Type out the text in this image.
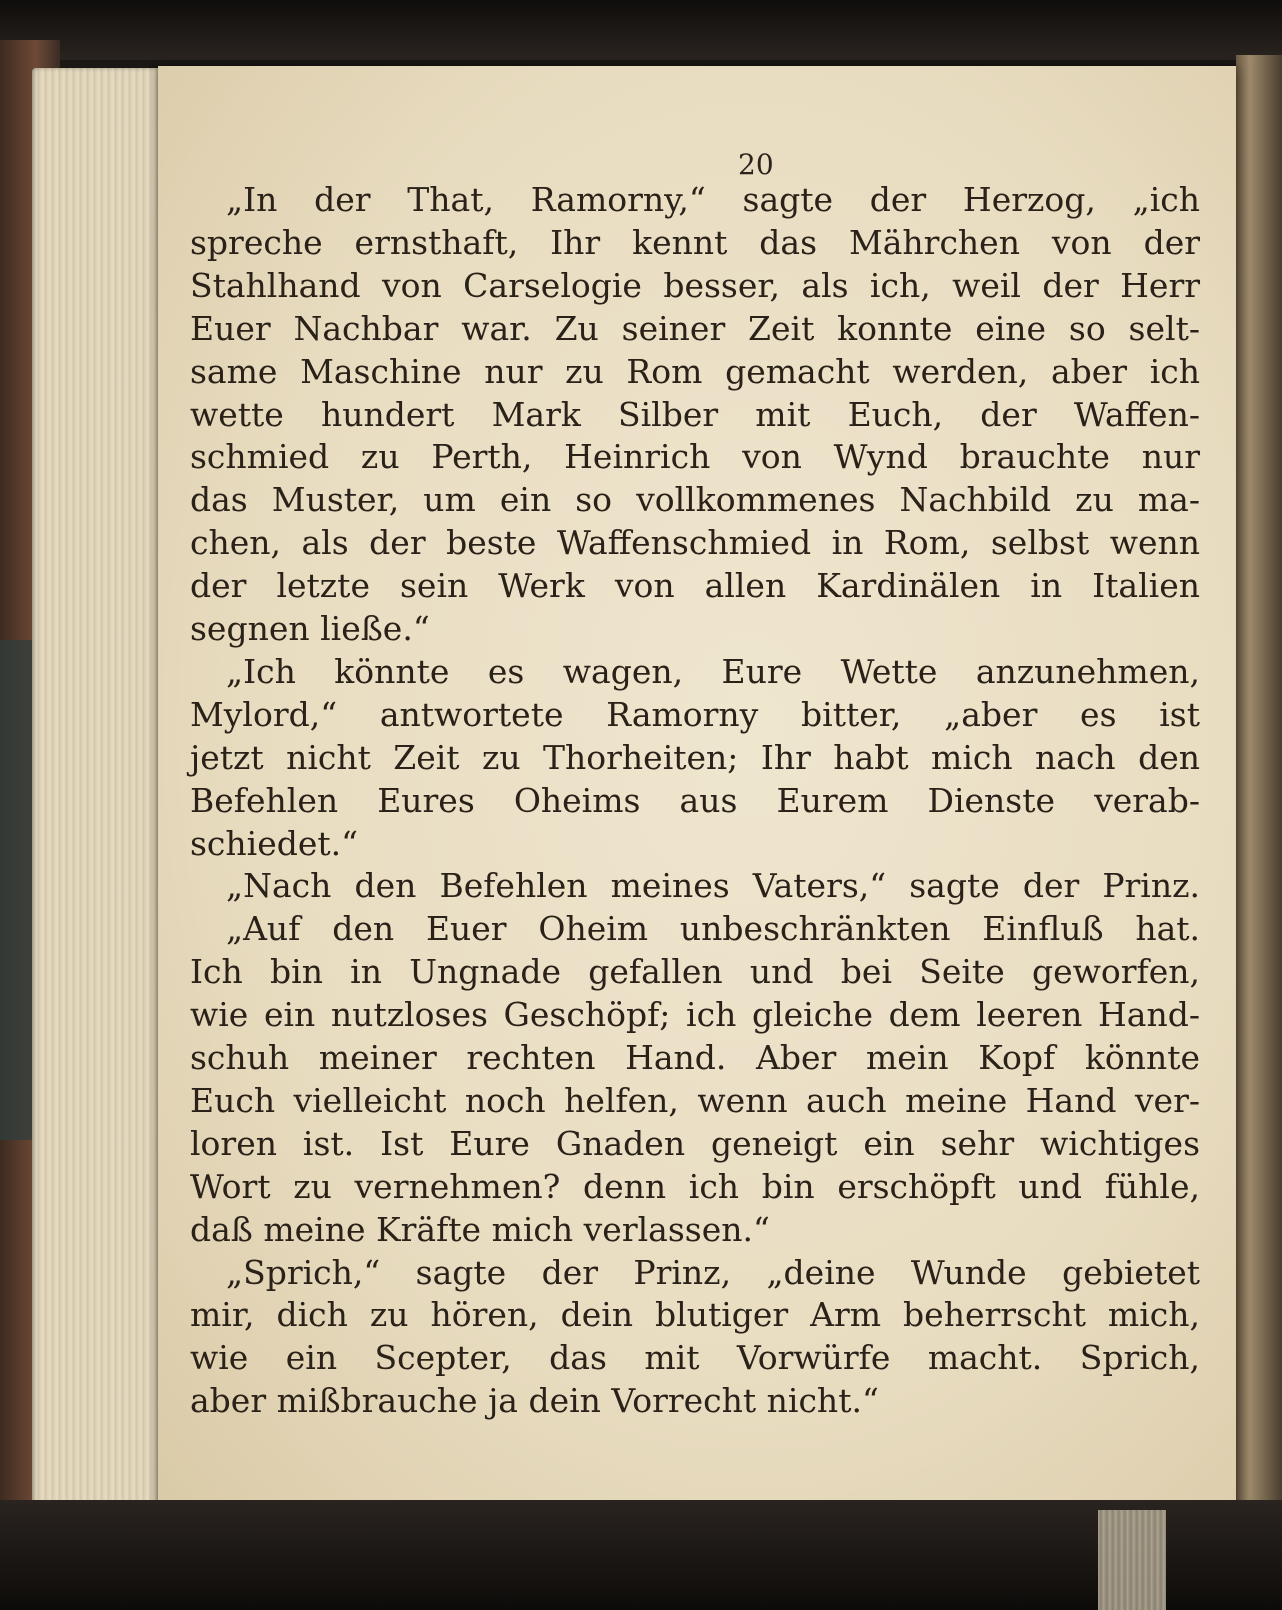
20
„In der That, Ramorny,“ sagte der Herzog, „ich
spreche ernsthaft, Ihr kennt das Mährchen von der
Stahlhand von Carselogie besser, als ich, weil der Herr
Euer Nachbar war. Zu seiner Zeit konnte eine so selt-
same Maschine nur zu Rom gemacht werden, aber ich
wette hundert Mark Silber mit Euch, der Waffen-
schmied zu Perth, Heinrich von Wynd brauchte nur
das Muster, um ein so vollkommenes Nachbild zu ma-
chen, als der beste Waffenschmied in Rom, selbst wenn
der letzte sein Werk von allen Kardinälen in Italien
segnen ließe.“
„Ich könnte es wagen, Eure Wette anzunehmen,
Mylord,“ antwortete Ramorny bitter, „aber es ist
jetzt nicht Zeit zu Thorheiten; Ihr habt mich nach den
Befehlen Eures Oheims aus Eurem Dienste verab-
schiedet.“
„Nach den Befehlen meines Vaters,“ sagte der Prinz.
„Auf den Euer Oheim unbeschränkten Einfluß hat.
Ich bin in Ungnade gefallen und bei Seite geworfen,
wie ein nutzloses Geschöpf; ich gleiche dem leeren Hand-
schuh meiner rechten Hand. Aber mein Kopf könnte
Euch vielleicht noch helfen, wenn auch meine Hand ver-
loren ist. Ist Eure Gnaden geneigt ein sehr wichtiges
Wort zu vernehmen? denn ich bin erschöpft und fühle,
daß meine Kräfte mich verlassen.“
„Sprich,“ sagte der Prinz, „deine Wunde gebietet
mir, dich zu hören, dein blutiger Arm beherrscht mich,
wie ein Scepter, das mit Vorwürfe macht. Sprich,
aber mißbrauche ja dein Vorrecht nicht.“
